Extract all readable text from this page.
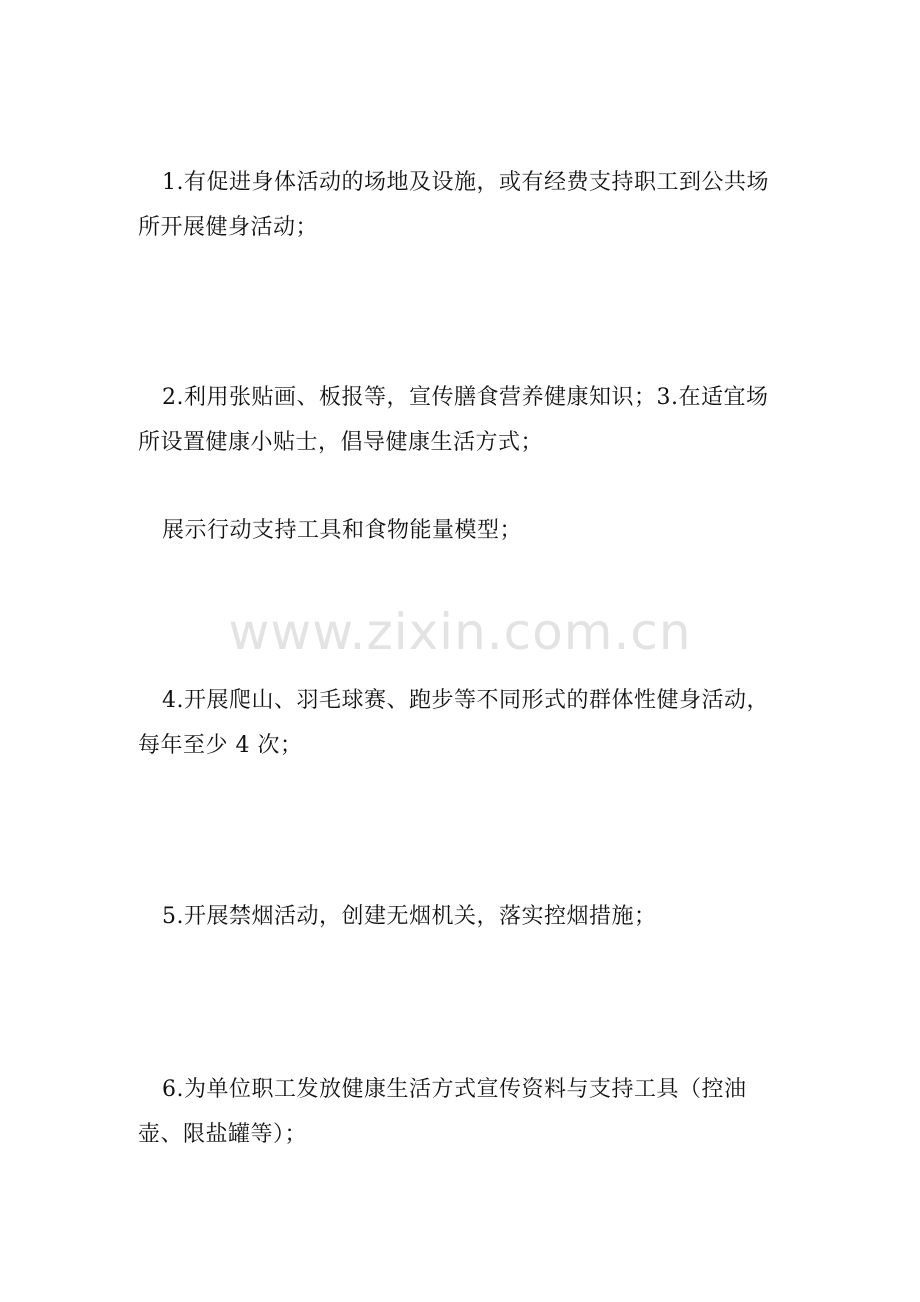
1.有促进身体活动的场地及设施，或有经费支持职工到公共场所开展健身活动；

2.利用张贴画、板报等，宣传膳食营养健康知识；3.在适宜场所设置健康小贴士，倡导健康生活方式；

展示行动支持工具和食物能量模型；

www.zixin.com.cn

4.开展爬山、羽毛球赛、跑步等不同形式的群体性健身活动，每年至少 4 次；

5.开展禁烟活动，创建无烟机关，落实控烟措施；

6.为单位职工发放健康生活方式宣传资料与支持工具（控油壶、限盐罐等）；
